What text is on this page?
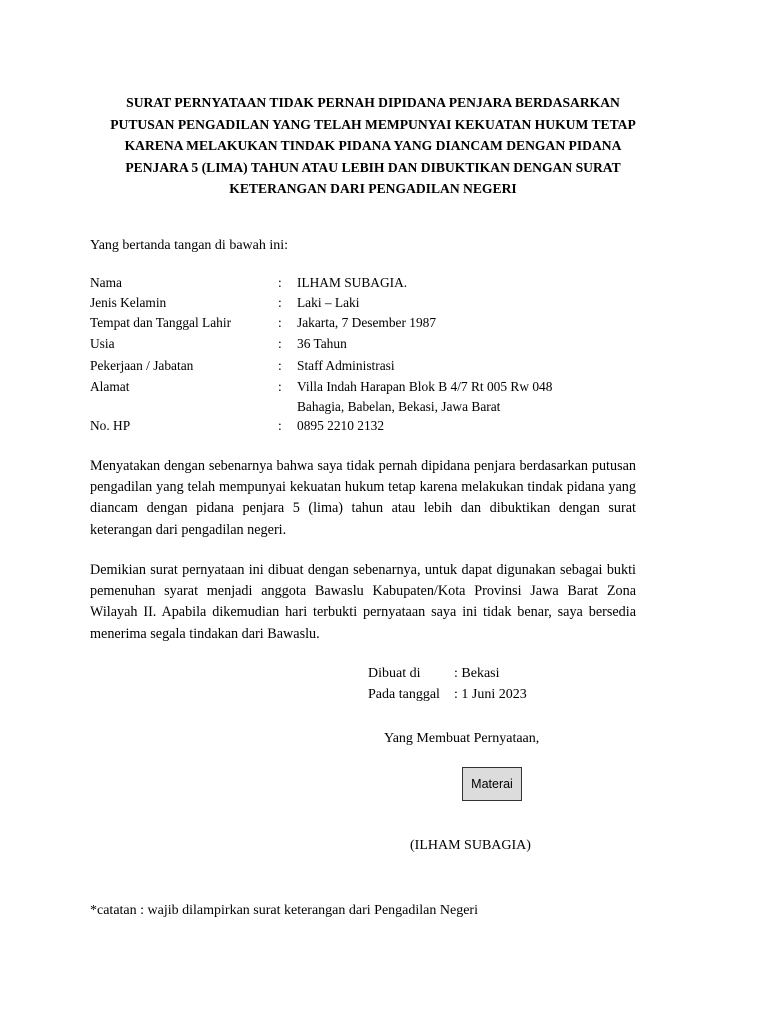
SURAT PERNYATAAN TIDAK PERNAH DIPIDANA PENJARA BERDASARKAN
PUTUSAN PENGADILAN YANG TELAH MEMPUNYAI KEKUATAN HUKUM TETAP
KARENA MELAKUKAN TINDAK PIDANA YANG DIANCAM DENGAN PIDANA
PENJARA 5 (LIMA) TAHUN ATAU LEBIH DAN DIBUKTIKAN DENGAN SURAT
KETERANGAN DARI PENGADILAN NEGERI

Yang bertanda tangan di bawah ini:

Nama	: ILHAM SUBAGIA.
Jenis Kelamin	: Laki – Laki
Tempat dan Tanggal Lahir	: Jakarta, 7 Desember 1987
Usia	: 36 Tahun
Pekerjaan / Jabatan	: Staff Administrasi
Alamat	: Villa Indah Harapan Blok B 4/7 Rt 005 Rw 048
Bahagia, Babelan, Bekasi, Jawa Barat
No. HP	: 0895 2210 2132

Menyatakan dengan sebenarnya bahwa saya tidak pernah dipidana penjara berdasarkan putusan pengadilan yang telah mempunyai kekuatan hukum tetap karena melakukan tindak pidana yang diancam dengan pidana penjara 5 (lima) tahun atau lebih dan dibuktikan dengan surat keterangan dari pengadilan negeri.

Demikian surat pernyataan ini dibuat dengan sebenarnya, untuk dapat digunakan sebagai bukti pemenuhan syarat menjadi anggota Bawaslu Kabupaten/Kota Provinsi Jawa Barat Zona Wilayah II. Apabila dikemudian hari terbukti pernyataan saya ini tidak benar, saya bersedia menerima segala tindakan dari Bawaslu.

Dibuat di : Bekasi
Pada tanggal : 1 Juni 2023

Yang Membuat Pernyataan,

Materai

(ILHAM SUBAGIA)

*catatan : wajib dilampirkan surat keterangan dari Pengadilan Negeri
